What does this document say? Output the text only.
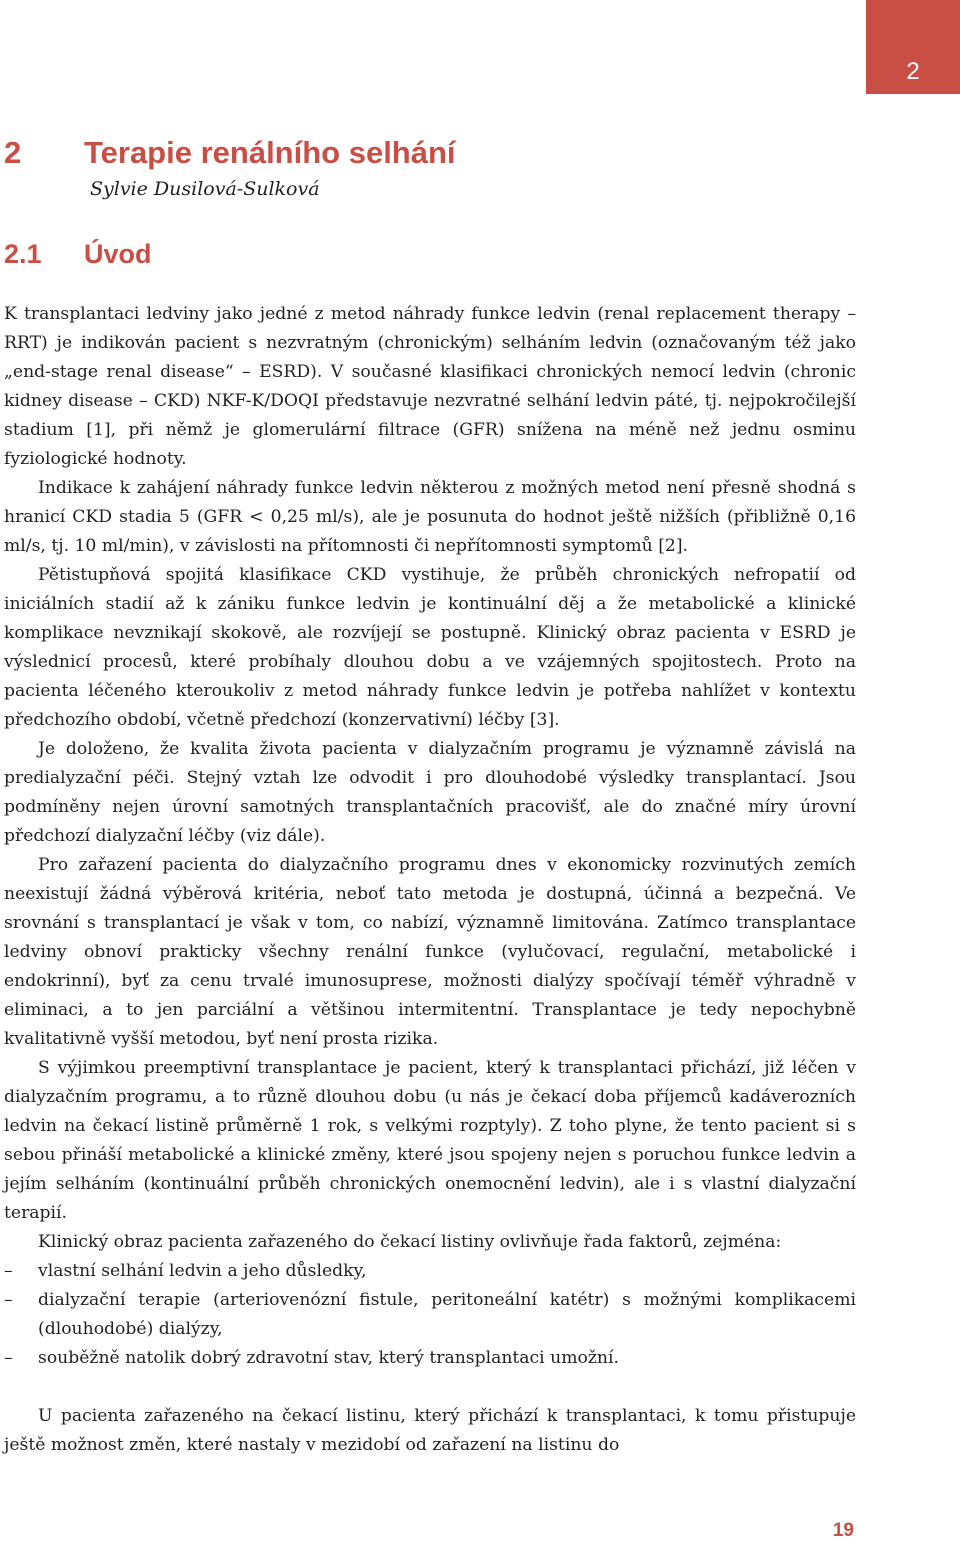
2
2 Terapie renálního selhání
Sylvie Dusilová-Sulková
2.1 Úvod

K transplantaci ledviny jako jedné z metod náhrady funkce ledvin (renal replacement therapy – RRT) je indikován pacient s nezvratným (chronickým) selháním ledvin (označovaným též jako „end-stage renal disease“ – ESRD). V současné klasifikaci chronických nemocí ledvin (chronic kidney disease – CKD) NKF-K/DOQI představuje nezvratné selhání ledvin páté, tj. nejpokročilejší stadium [1], při němž je glomerulární filtrace (GFR) snížena na méně než jednu osminu fyziologické hodnoty.

Indikace k zahájení náhrady funkce ledvin některou z možných metod není přesně shodná s hranicí CKD stadia 5 (GFR < 0,25 ml/s), ale je posunuta do hodnot ještě nižších (přibližně 0,16 ml/s, tj. 10 ml/min), v závislosti na přítomnosti či nepřítomnosti symptomů [2].

Pětistupňová spojitá klasifikace CKD vystihuje, že průběh chronických nefropatií od iniciálních stadií až k zániku funkce ledvin je kontinuální děj a že metabolické a klinické komplikace nevznikají skokově, ale rozvíjejí se postupně. Klinický obraz pacienta v ESRD je výslednicí procesů, které probíhaly dlouhou dobu a ve vzájemných spojitostech. Proto na pacienta léčeného kteroukoliv z metod náhrady funkce ledvin je potřeba nahlížet v kontextu předchozího období, včetně předchozí (konzervativní) léčby [3].

Je doloženo, že kvalita života pacienta v dialyzačním programu je významně závislá na predialyzační péči. Stejný vztah lze odvodit i pro dlouhodobé výsledky transplantací. Jsou podmíněny nejen úrovní samotných transplantačních pracovišť, ale do značné míry úrovní předchozí dialyzační léčby (viz dále).

Pro zařazení pacienta do dialyzačního programu dnes v ekonomicky rozvinutých zemích neexistují žádná výběrová kritéria, neboť tato metoda je dostupná, účinná a bezpečná. Ve srovnání s transplantací je však v tom, co nabízí, významně limitována. Zatímco transplantace ledviny obnoví prakticky všechny renální funkce (vylučovací, regulační, metabolické i endokrinní), byť za cenu trvalé imunosuprese, možnosti dialýzy spočívají téměř výhradně v eliminaci, a to jen parciální a většinou intermitentní. Transplantace je tedy nepochybně kvalitativně vyšší metodou, byť není prosta rizika.

S výjimkou preemptivní transplantace je pacient, který k transplantaci přichází, již léčen v dialyzačním programu, a to různě dlouhou dobu (u nás je čekací doba příjemců kadáverozních ledvin na čekací listině průměrně 1 rok, s velkými rozptyly). Z toho plyne, že tento pacient si s sebou přináší metabolické a klinické změny, které jsou spojeny nejen s poruchou funkce ledvin a jejím selháním (kontinuální průběh chronických onemocnění ledvin), ale i s vlastní dialyzační terapií.

Klinický obraz pacienta zařazeného do čekací listiny ovlivňuje řada faktorů, zejména:

– vlastní selhání ledvin a jeho důsledky,
– dialyzační terapie (arteriovenózní fistule, peritoneální katétr) s možnými komplikacemi (dlouhodobé) dialýzy,
– souběžně natolik dobrý zdravotní stav, který transplantaci umožní.

U pacienta zařazeného na čekací listinu, který přichází k transplantaci, k tomu přistupuje ještě možnost změn, které nastaly v mezidobí od zařazení na listinu do

19
